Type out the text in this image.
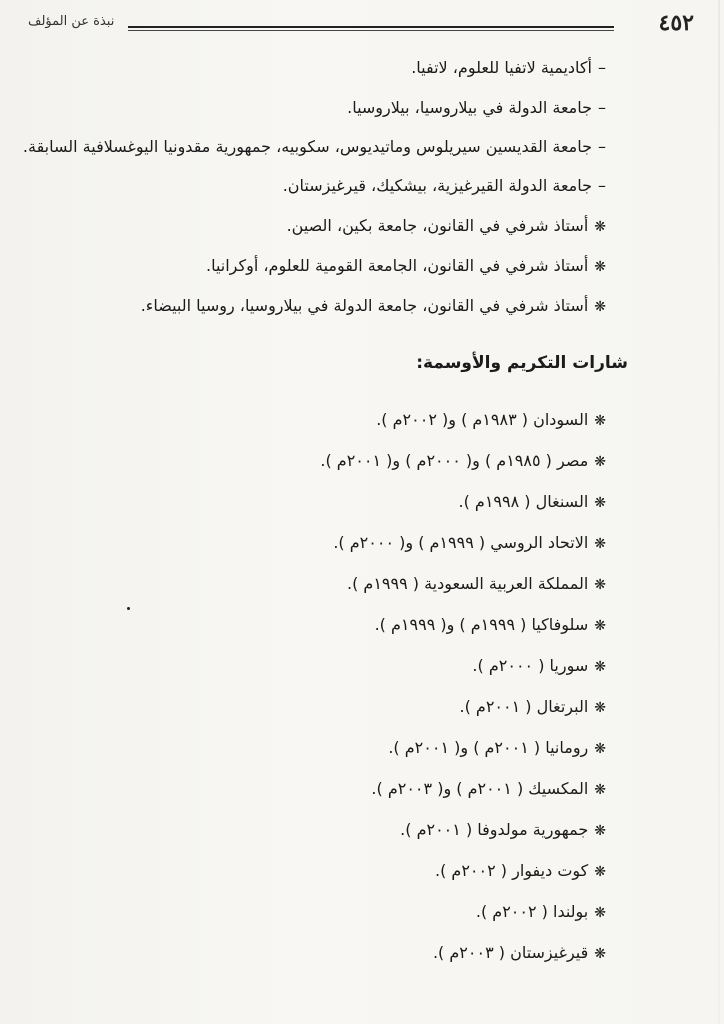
٤٥٢
نبذة عن المؤلف

–أكاديمية لاتفيا للعلوم، لاتفيا.

–جامعة الدولة في بيلاروسيا، بيلاروسيا.

–جامعة القديسين سيريلوس وماتيديوس، سكوبيه، جمهورية مقدونيا اليوغسلافية السابقة.

–جامعة الدولة القيرغيزية، بيشكيك، قيرغيزستان.

❋أستاذ شرفي في القانون، جامعة بكين، الصين.

❋أستاذ شرفي في القانون، الجامعة القومية للعلوم، أوكرانيا.

❋أستاذ شرفي في القانون، جامعة الدولة في بيلاروسيا، روسيا البيضاء.

شارات التكريم والأوسمة:

❋السودان ( ١٩٨٣م ) و( ٢٠٠٢م ).

❋مصر ( ١٩٨٥م ) و( ٢٠٠٠م ) و( ٢٠٠١م ).

❋السنغال ( ١٩٩٨م ).

❋الاتحاد الروسي ( ١٩٩٩م ) و( ٢٠٠٠م ).

❋المملكة العربية السعودية ( ١٩٩٩م ).

❋سلوفاكيا ( ١٩٩٩م ) و( ١٩٩٩م ).

❋سوريا ( ٢٠٠٠م ).

❋البرتغال ( ٢٠٠١م ).

❋رومانيا ( ٢٠٠١م ) و( ٢٠٠١م ).

❋المكسيك ( ٢٠٠١م ) و( ٢٠٠٣م ).

❋جمهورية مولدوفا ( ٢٠٠١م ).

❋كوت ديفوار ( ٢٠٠٢م ).

❋بولندا ( ٢٠٠٢م ).

❋قيرغيزستان ( ٢٠٠٣م ).
